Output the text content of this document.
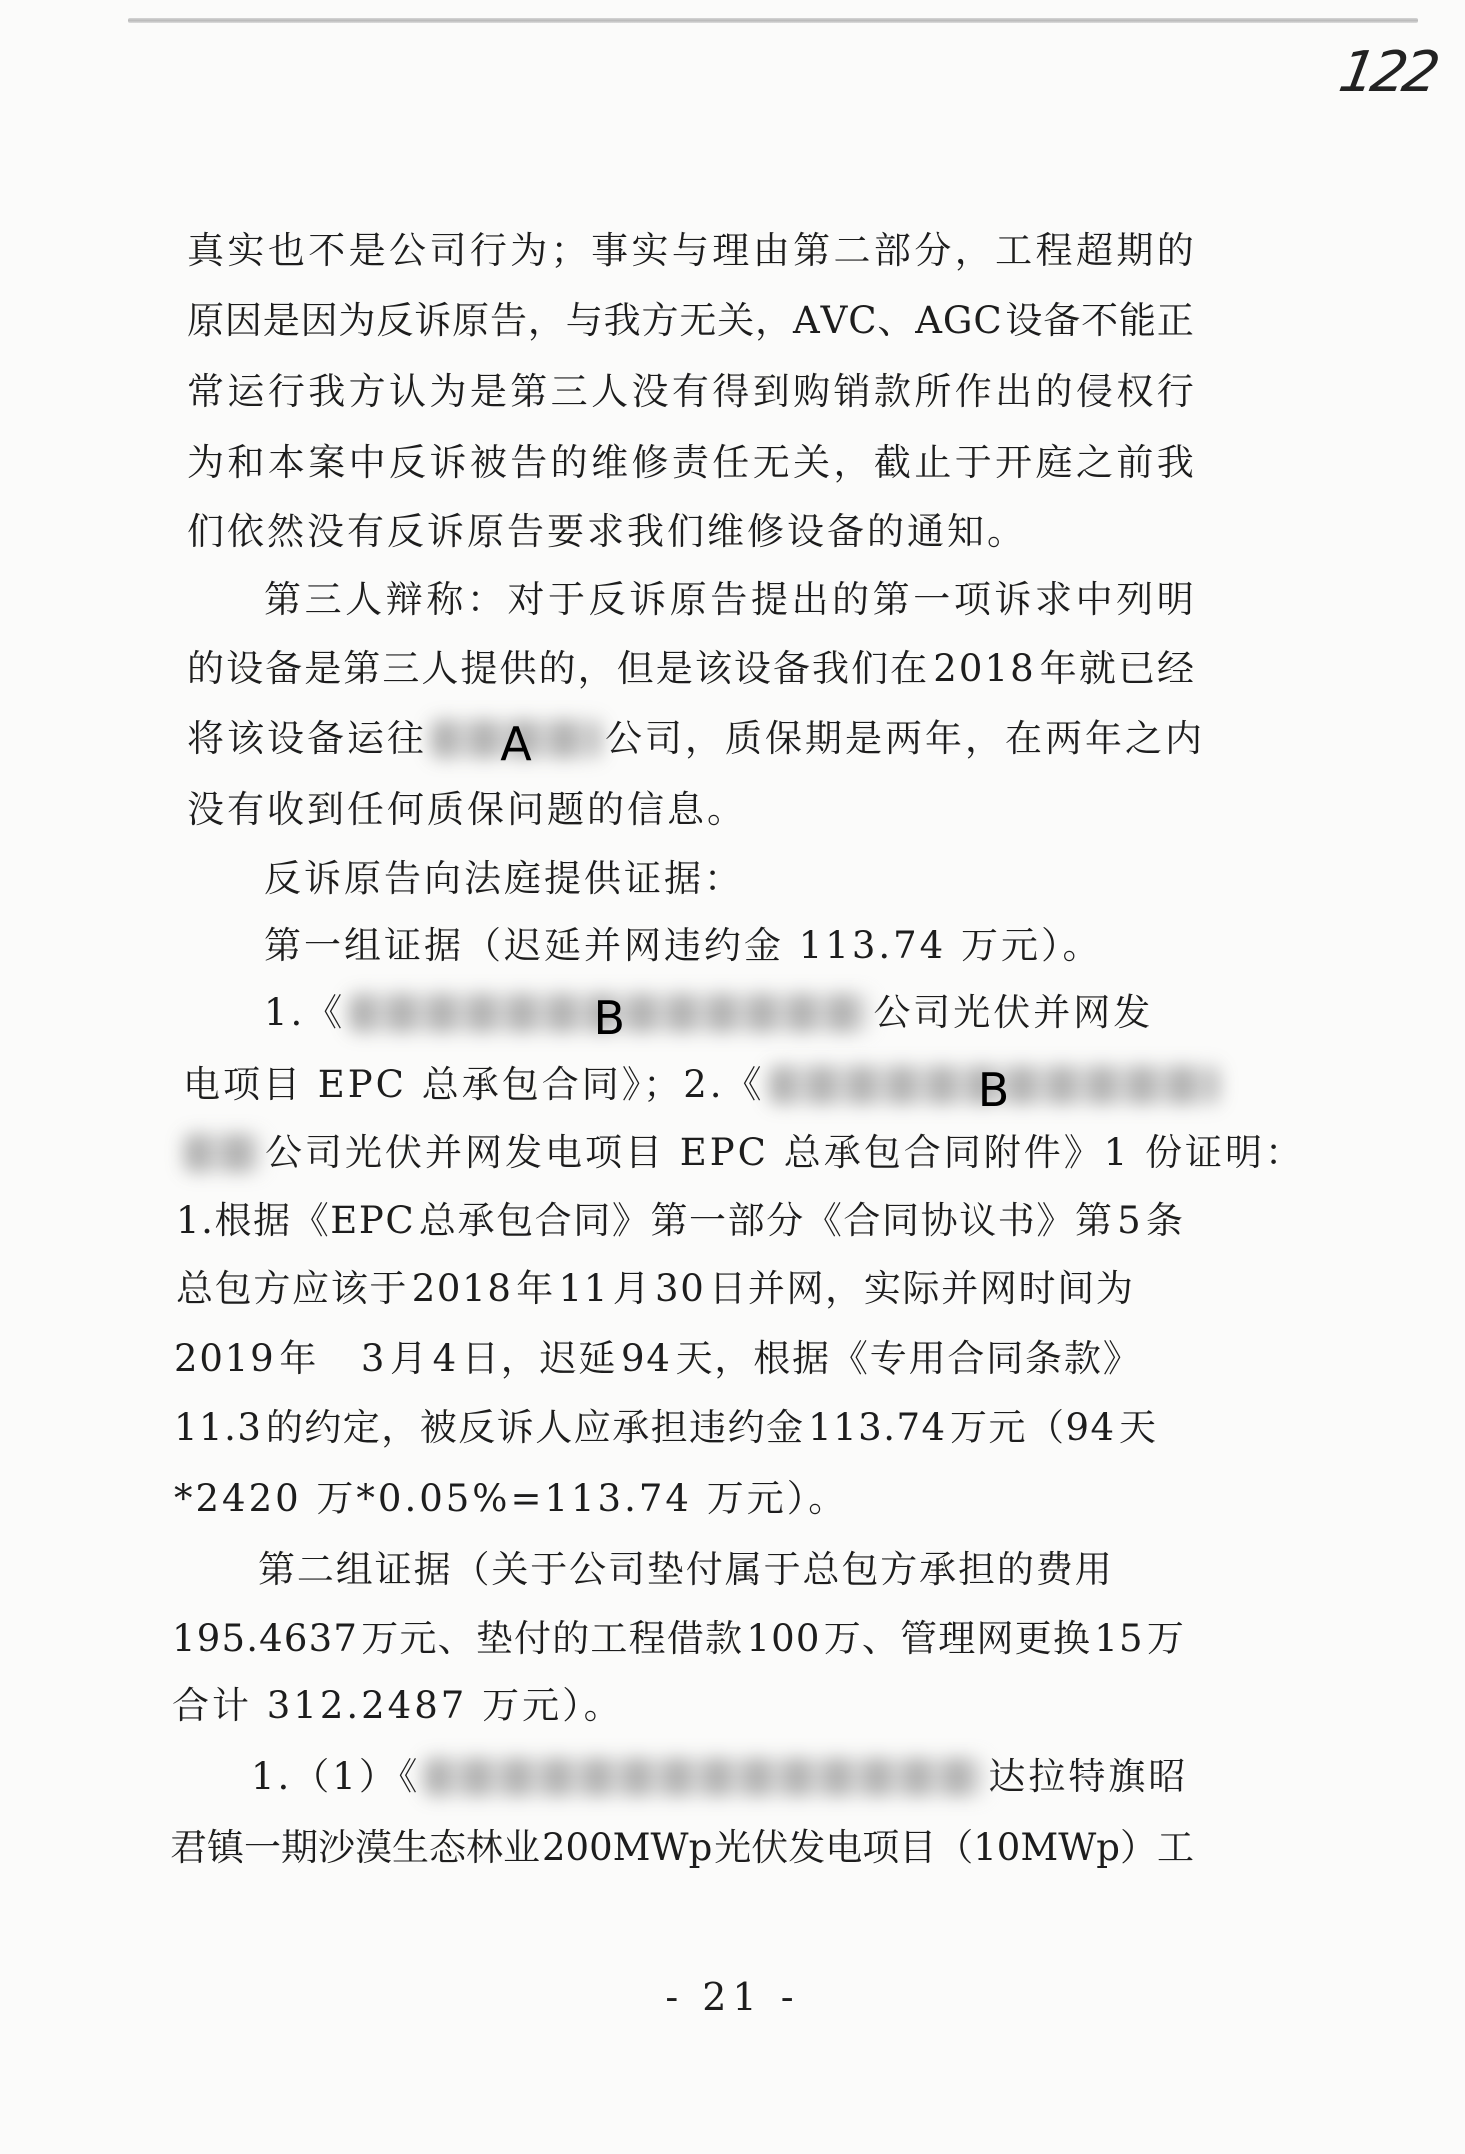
122
真 实 也 不 是 公 司 行 为 ； 事 实 与 理 由 第 二 部 分 ， 工 程 超 期 的
原 因 是 因 为 反 诉 原 告 ， 与 我 方 无 关 ， A V C 、 A G C 设 备 不 能 正
常 运 行 我 方 认 为 是 第 三 人 没 有 得 到 购 销 款 所 作 出 的 侵 权 行
为 和 本 案 中 反 诉 被 告 的 维 修 责 任 无 关 ， 截 止 于 开 庭 之 前 我
们依然没有反诉原告要求我们维修设备的通知。
第 三 人 辩 称 ： 对 于 反 诉 原 告 提 出 的 第 一 项 诉 求 中 列 明
的 设 备 是 第 三 人 提 供 的 ， 但 是 该 设 备 我 们 在 2 0 1 8 年 就 已 经
将该设备运往 A 公司，质保期是两年，在两年之内
没有收到任何质保问题的信息。
反诉原告向法庭提供证据：
第一组证据（迟延并网违约金 113.74 万元）。
1.《	B	公司光伏并网发
电项目 EPC 总承包合同》；2.《	B
公司光伏并网发电项目 EPC 总承包合同附件》1 份证明：
1 . 根 据 《 E P C 总 承 包 合 同 》 第 一 部 分 《 合 同 协 议 书 》 第 5 条
总 包 方 应 该 于 2 0 1 8 年 1 1 月 3 0 日 并 网 ， 实 际 并 网 时 间 为
2 0 1 9 年
　 3 月 4 日 ， 迟 延 9 4 天 ， 根 据 《 专 用 合 同 条 款 》
1 1 . 3 的 约 定 ， 被 反 诉 人 应 承 担 违 约 金 1 1 3 . 7 4 万 元 （ 9 4 天
*2420 万*0.05%=113.74 万元）。
第 二 组 证 据 （ 关 于 公 司 垫 付 属 于 总 包 方 承 担 的 费 用
1 9 5 . 4 6 3 7 万 元 、 垫 付 的 工 程 借 款 1 0 0 万 、 管 理 网 更 换 1 5 万
合计 312.2487 万元）。
1.（1）《	达拉特旗昭
君 镇 一 期 沙 漠 生 态 林 业 2 0 0 M W p 光 伏 发 电 项 目 （ 1 0 M W p ） 工
- 21 -
